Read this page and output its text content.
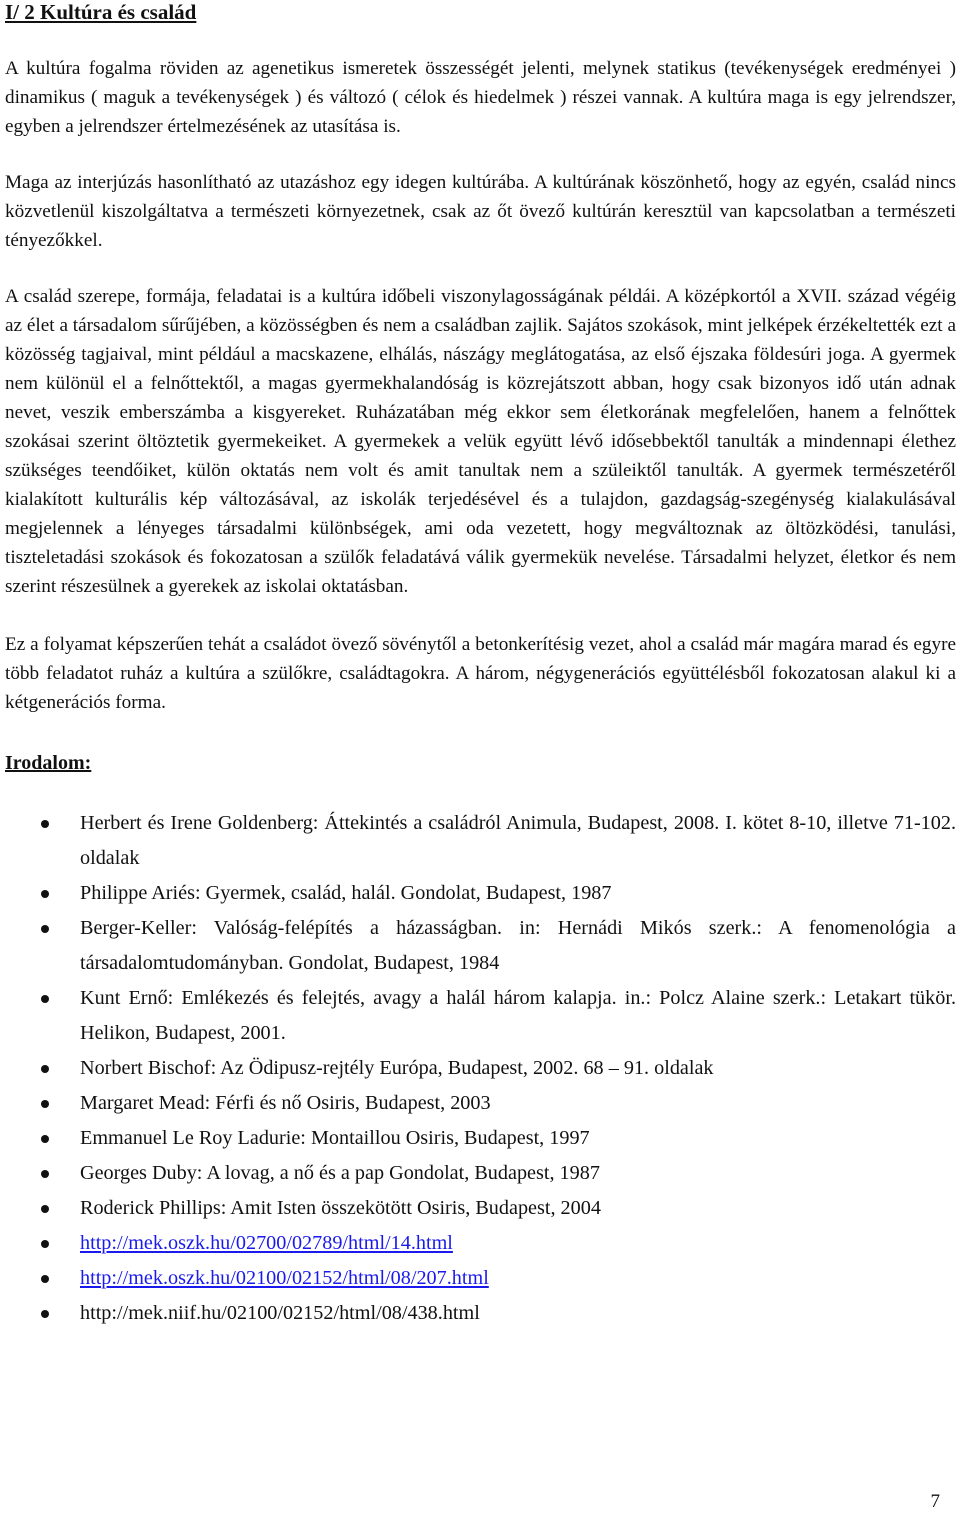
I/ 2 Kultúra és család

A kultúra fogalma röviden az agenetikus ismeretek összességét jelenti, melynek statikus (tevékenységek eredményei ) dinamikus ( maguk a tevékenységek ) és változó ( célok és hiedelmek ) részei vannak. A kultúra maga is egy jelrendszer, egyben a jelrendszer értelmezésének az utasítása is.

Maga az interjúzás hasonlítható az utazáshoz egy idegen kultúrába. A kultúrának köszönhető, hogy az egyén, család nincs közvetlenül kiszolgáltatva a természeti környezetnek, csak az őt övező kultúrán keresztül van kapcsolatban a természeti tényezőkkel.

A család szerepe, formája, feladatai is a kultúra időbeli viszonylagosságának példái. A középkortól a XVII. század végéig az élet a társadalom sűrűjében, a közösségben és nem a családban zajlik. Sajátos szokások, mint jelképek érzékeltették ezt a közösség tagjaival, mint például a macskazene, elhálás, nászágy meglátogatása, az első éjszaka földesúri joga. A gyermek nem különül el a felnőttektől, a magas gyermekhalandóság is közrejátszott abban, hogy csak bizonyos idő után adnak nevet, veszik emberszámba a kisgyereket. Ruházatában még ekkor sem életkorának megfelelően, hanem a felnőttek szokásai szerint öltöztetik gyermekeiket. A gyermekek a velük együtt lévő idősebbektől tanulták a mindennapi élethez szükséges teendőiket, külön oktatás nem volt és amit tanultak nem a szüleiktől tanulták. A gyermek természetéről kialakított kulturális kép változásával, az iskolák terjedésével és a tulajdon, gazdagság-szegénység kialakulásával megjelennek a lényeges társadalmi különbségek, ami oda vezetett, hogy megváltoznak az öltözködési, tanulási, tiszteletadási szokások és fokozatosan a szülők feladatává válik gyermekük nevelése. Társadalmi helyzet, életkor és nem szerint részesülnek a gyerekek az iskolai oktatásban.

Ez a folyamat képszerűen tehát a családot övező sövénytől a betonkerítésig vezet, ahol a család már magára marad és egyre több feladatot ruház a kultúra a szülőkre, családtagokra. A három, négygenerációs együttélésből fokozatosan alakul ki a kétgenerációs forma.

Irodalom:
Herbert és Irene Goldenberg: Áttekintés a családról Animula, Budapest, 2008. I. kötet 8-10, illetve 71-102. oldalak
Philippe Ariés: Gyermek, család, halál. Gondolat, Budapest, 1987
Berger-Keller: Valóság-felépítés a házasságban. in: Hernádi Mikós szerk.: A fenomenológia a társadalomtudományban. Gondolat, Budapest, 1984
Kunt Ernő: Emlékezés és felejtés, avagy a halál három kalapja. in.: Polcz Alaine szerk.: Letakart tükör. Helikon, Budapest, 2001.
Norbert Bischof: Az Ödipusz-rejtély Európa, Budapest, 2002. 68 – 91. oldalak
Margaret Mead: Férfi és nő Osiris, Budapest, 2003
Emmanuel Le Roy Ladurie: Montaillou Osiris, Budapest, 1997
Georges Duby: A lovag, a nő és a pap Gondolat, Budapest, 1987
Roderick Phillips: Amit Isten összekötött Osiris, Budapest, 2004
http://mek.oszk.hu/02700/02789/html/14.html
http://mek.oszk.hu/02100/02152/html/08/207.html
http://mek.niif.hu/02100/02152/html/08/438.html
7
